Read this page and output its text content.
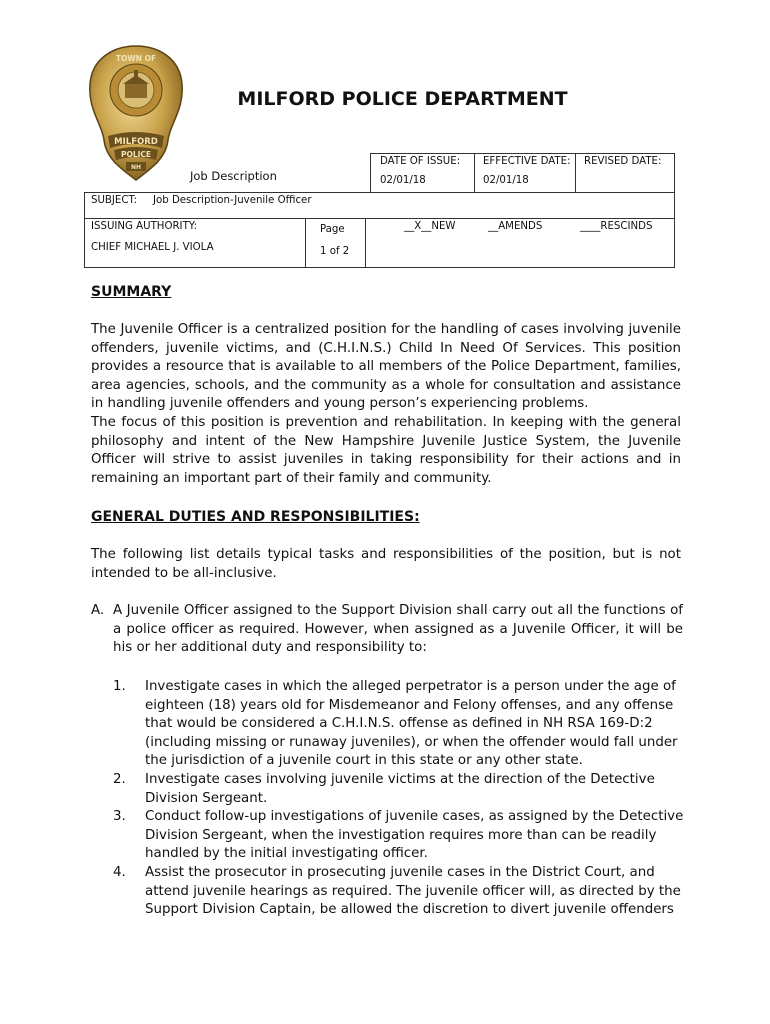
MILFORD
POLICE
NH
TOWN OF
MILFORD POLICE DEPARTMENT
Job Description
DATE OF ISSUE:
02/01/18
EFFECTIVE DATE:
02/01/18
REVISED DATE:
SUBJECT: Job Description-Juvenile Officer
ISSUING AUTHORITY:
CHIEF MICHAEL J. VIOLA
Page
1 of 2
__X__NEW	__AMENDS	____RESCINDS
SUMMARY
The Juvenile Officer is a centralized position for the handling of cases involving juvenile
offenders, juvenile victims, and (C.H.I.N.S.) Child In Need Of Services. This position
provides a resource that is available to all members of the Police Department, families,
area agencies, schools, and the community as a whole for consultation and assistance
in handling juvenile offenders and young person’s experiencing problems.
The focus of this position is prevention and rehabilitation. In keeping with the general
philosophy and intent of the New Hampshire Juvenile Justice System, the Juvenile
Officer will strive to assist juveniles in taking responsibility for their actions and in
remaining an important part of their family and community.
GENERAL DUTIES AND RESPONSIBILITIES:
The following list details typical tasks and responsibilities of the position, but is not
intended to be all-inclusive.
A. A Juvenile Officer assigned to the Support Division shall carry out all the functions of
a police officer as required. However, when assigned as a Juvenile Officer, it will be
his or her additional duty and responsibility to:
1. Investigate cases in which the alleged perpetrator is a person under the age of
eighteen (18) years old for Misdemeanor and Felony offenses, and any offense
that would be considered a C.H.I.N.S. offense as defined in NH RSA 169-D:2
(including missing or runaway juveniles), or when the offender would fall under
the jurisdiction of a juvenile court in this state or any other state.
2. Investigate cases involving juvenile victims at the direction of the Detective
Division Sergeant.
3. Conduct follow-up investigations of juvenile cases, as assigned by the Detective
Division Sergeant, when the investigation requires more than can be readily
handled by the initial investigating officer.
4. Assist the prosecutor in prosecuting juvenile cases in the District Court, and
attend juvenile hearings as required. The juvenile officer will, as directed by the
Support Division Captain, be allowed the discretion to divert juvenile offenders
